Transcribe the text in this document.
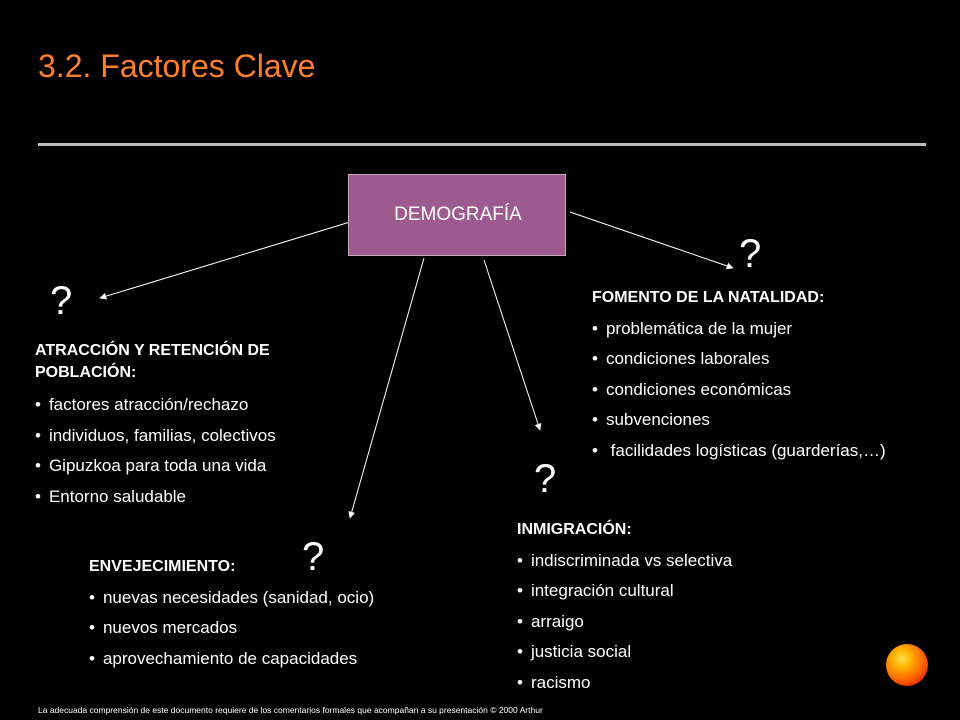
3.2. Factores Clave
DEMOGRAFÍA
?
?
?
?
ATRACCIÓN Y RETENCIÓN DE POBLACIÓN:
• factores atracción/rechazo
• individuos, familias, colectivos
• Gipuzkoa para toda una vida
• Entorno saludable
ENVEJECIMIENTO:
• nuevas necesidades (sanidad, ocio)
• nuevos mercados
• aprovechamiento de capacidades
INMIGRACIÓN:
• indiscriminada vs selectiva
• integración cultural
• arraigo
• justicia social
• racismo
FOMENTO DE LA NATALIDAD:
• problemática de la mujer
• condiciones laborales
• condiciones económicas
• subvenciones
•  facilidades logísticas (guarderías,…)
La adecuada comprensión de este documento requiere de los comentarios formales que acompañan a su presentación © 2000 Arthur
